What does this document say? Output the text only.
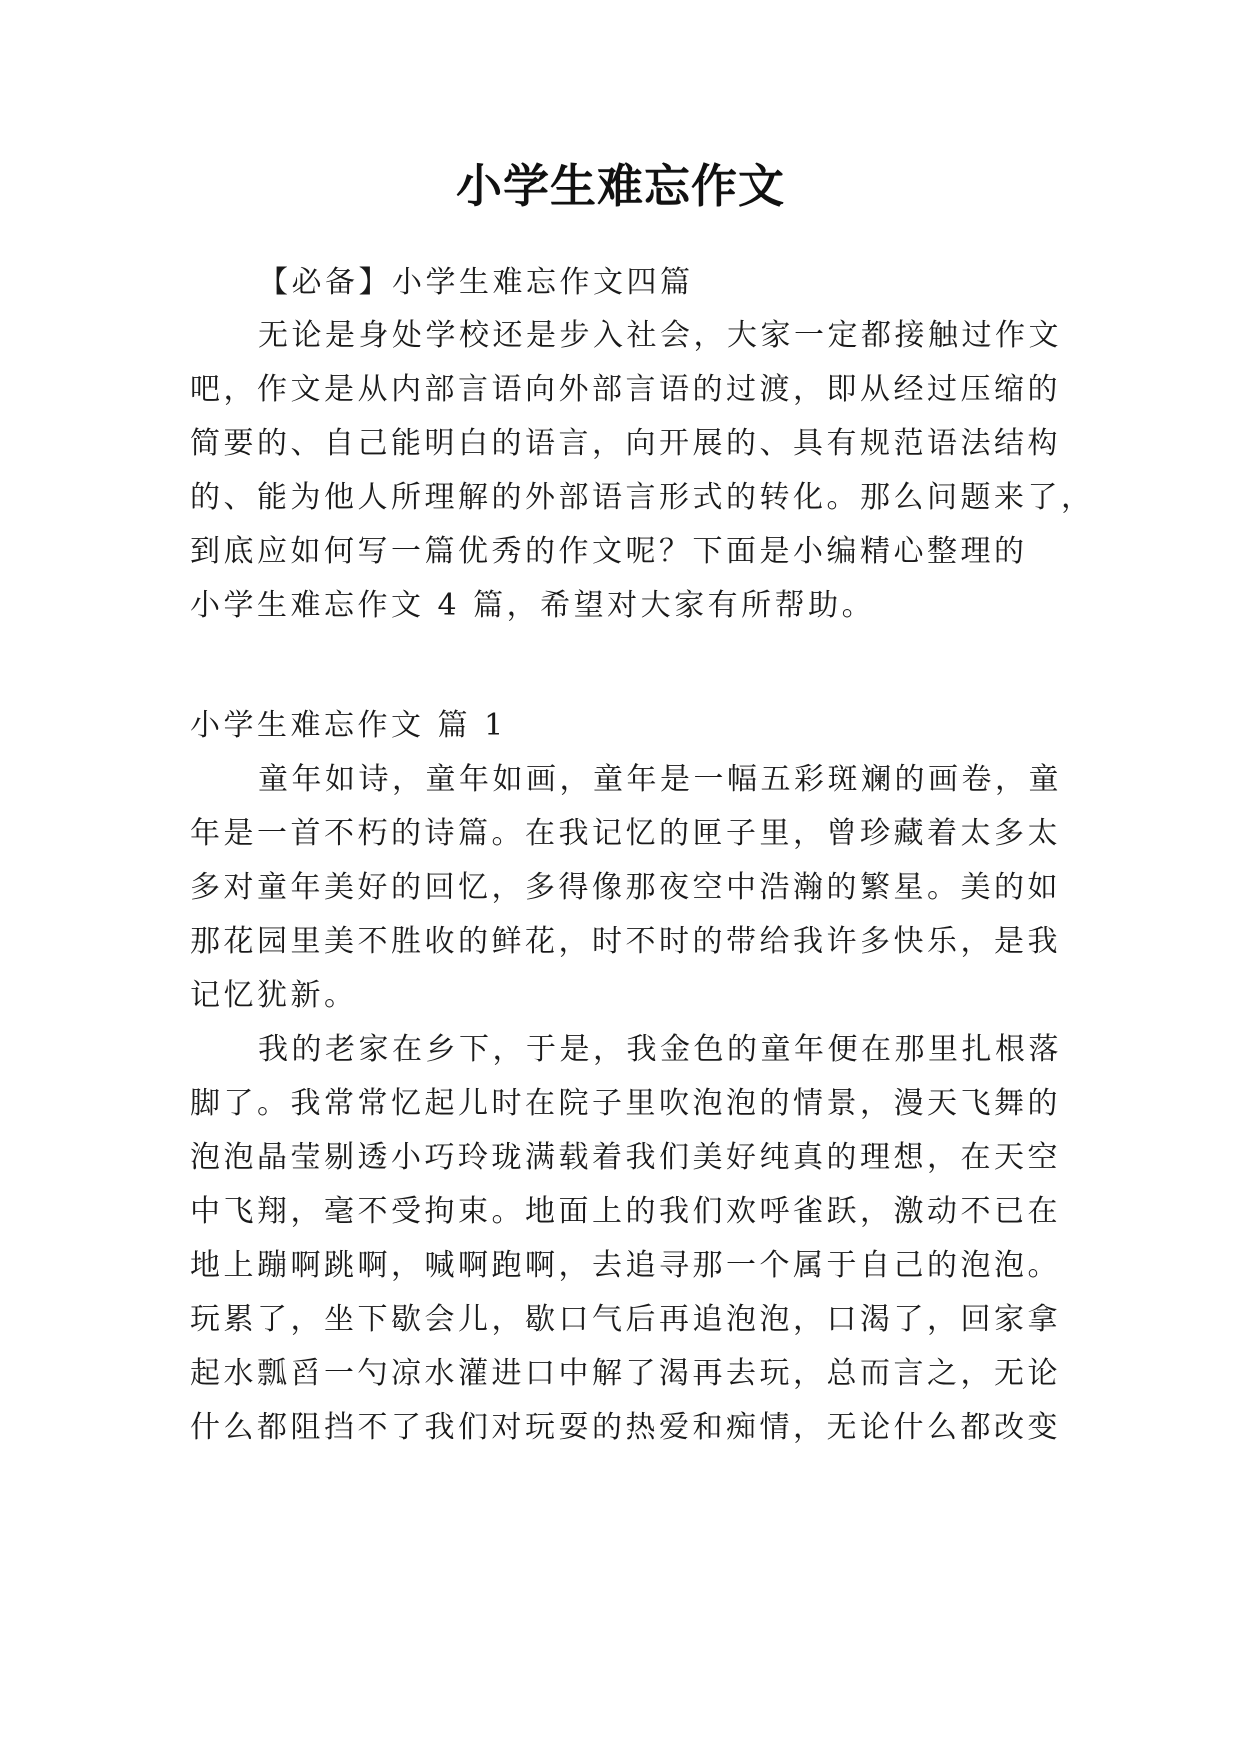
小学生难忘作文

【必备】小学生难忘作文四篇

无论是身处学校还是步入社会，大家一定都接触过作文

吧，作文是从内部言语向外部言语的过渡，即从经过压缩的

简要的、自己能明白的语言，向开展的、具有规范语法结构

的、能为他人所理解的外部语言形式的转化。那么问题来了，

到底应如何写一篇优秀的作文呢？下面是小编精心整理的

小学生难忘作文 4 篇，希望对大家有所帮助。

小学生难忘作文 篇 1

童年如诗，童年如画，童年是一幅五彩斑斓的画卷，童

年是一首不朽的诗篇。在我记忆的匣子里，曾珍藏着太多太

多对童年美好的回忆，多得像那夜空中浩瀚的繁星。美的如

那花园里美不胜收的鲜花，时不时的带给我许多快乐，是我

记忆犹新。

我的老家在乡下，于是，我金色的童年便在那里扎根落

脚了。我常常忆起儿时在院子里吹泡泡的情景，漫天飞舞的

泡泡晶莹剔透小巧玲珑满载着我们美好纯真的理想，在天空

中飞翔，毫不受拘束。地面上的我们欢呼雀跃，激动不已在

地上蹦啊跳啊，喊啊跑啊，去追寻那一个属于自己的泡泡。

玩累了，坐下歇会儿，歇口气后再追泡泡，口渴了，回家拿

起水瓢舀一勺凉水灌进口中解了渴再去玩，总而言之，无论

什么都阻挡不了我们对玩耍的热爱和痴情，无论什么都改变
